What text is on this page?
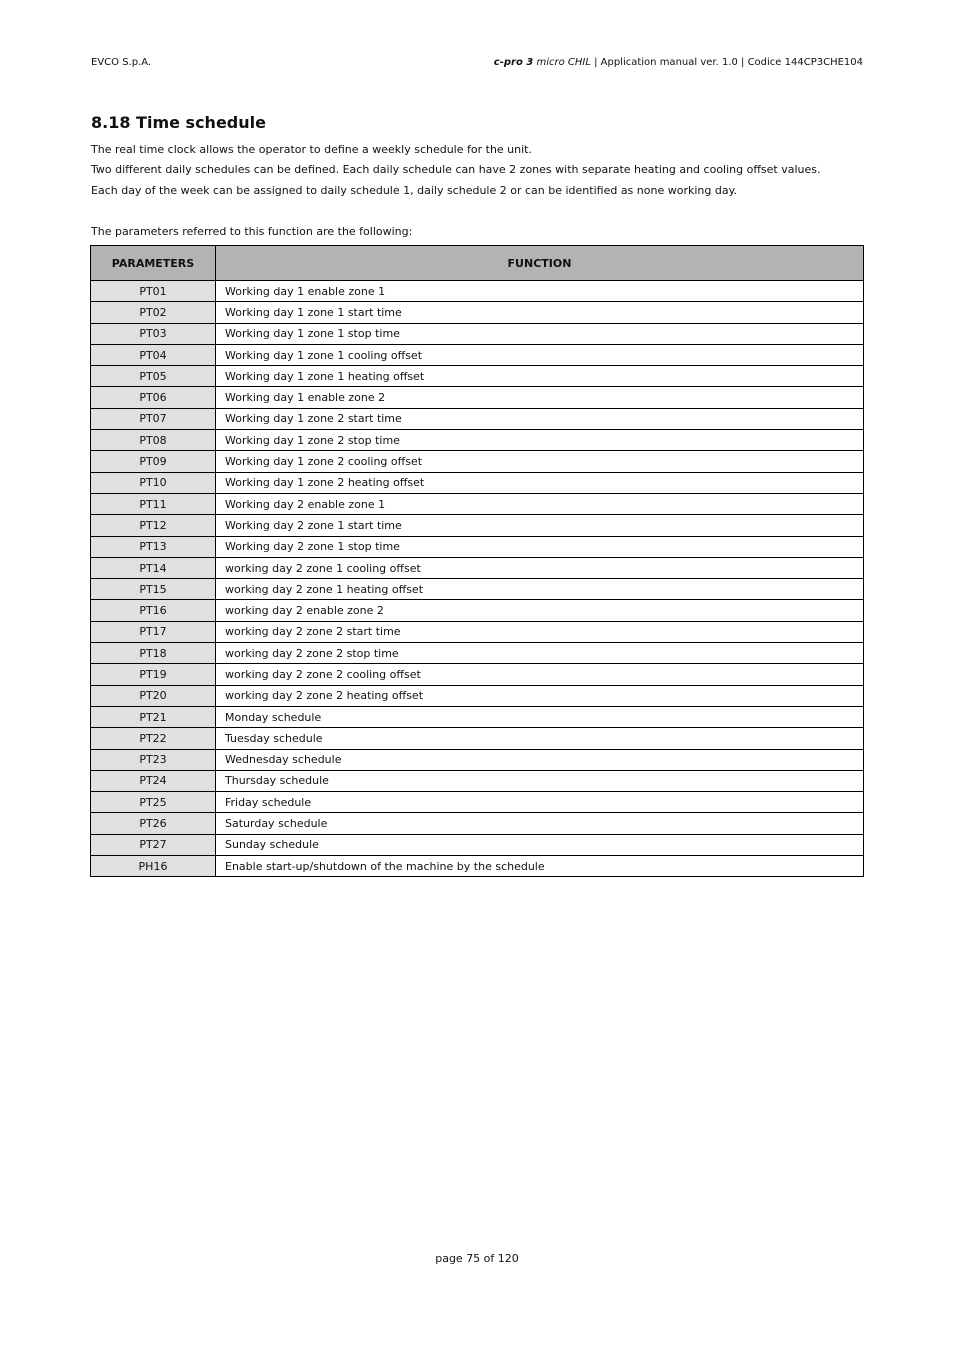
EVCO S.p.A.	c-pro 3 micro CHIL | Application manual ver. 1.0 | Codice 144CP3CHE104
8.18 Time schedule

The real time clock allows the operator to define a weekly schedule for the unit.

Two different daily schedules can be defined. Each daily schedule can have 2 zones with separate heating and cooling offset values.

Each day of the week can be assigned to daily schedule 1, daily schedule 2 or can be identified as none working day.

The parameters referred to this function are the following:

PARAMETERS	FUNCTION
PT01	Working day 1 enable zone 1
PT02	Working day 1 zone 1 start time
PT03	Working day 1 zone 1 stop time
PT04	Working day 1 zone 1 cooling offset
PT05	Working day 1 zone 1 heating offset
PT06	Working day 1 enable zone 2
PT07	Working day 1 zone 2 start time
PT08	Working day 1 zone 2 stop time
PT09	Working day 1 zone 2 cooling offset
PT10	Working day 1 zone 2 heating offset
PT11	Working day 2 enable zone 1
PT12	Working day 2 zone 1 start time
PT13	Working day 2 zone 1 stop time
PT14	working day 2 zone 1 cooling offset
PT15	working day 2 zone 1 heating offset
PT16	working day 2 enable zone 2
PT17	working day 2 zone 2 start time
PT18	working day 2 zone 2 stop time
PT19	working day 2 zone 2 cooling offset
PT20	working day 2 zone 2 heating offset
PT21	Monday schedule
PT22	Tuesday schedule
PT23	Wednesday schedule
PT24	Thursday schedule
PT25	Friday schedule
PT26	Saturday schedule
PT27	Sunday schedule
PH16	Enable start-up/shutdown of the machine by the schedule
page 75 of 120
